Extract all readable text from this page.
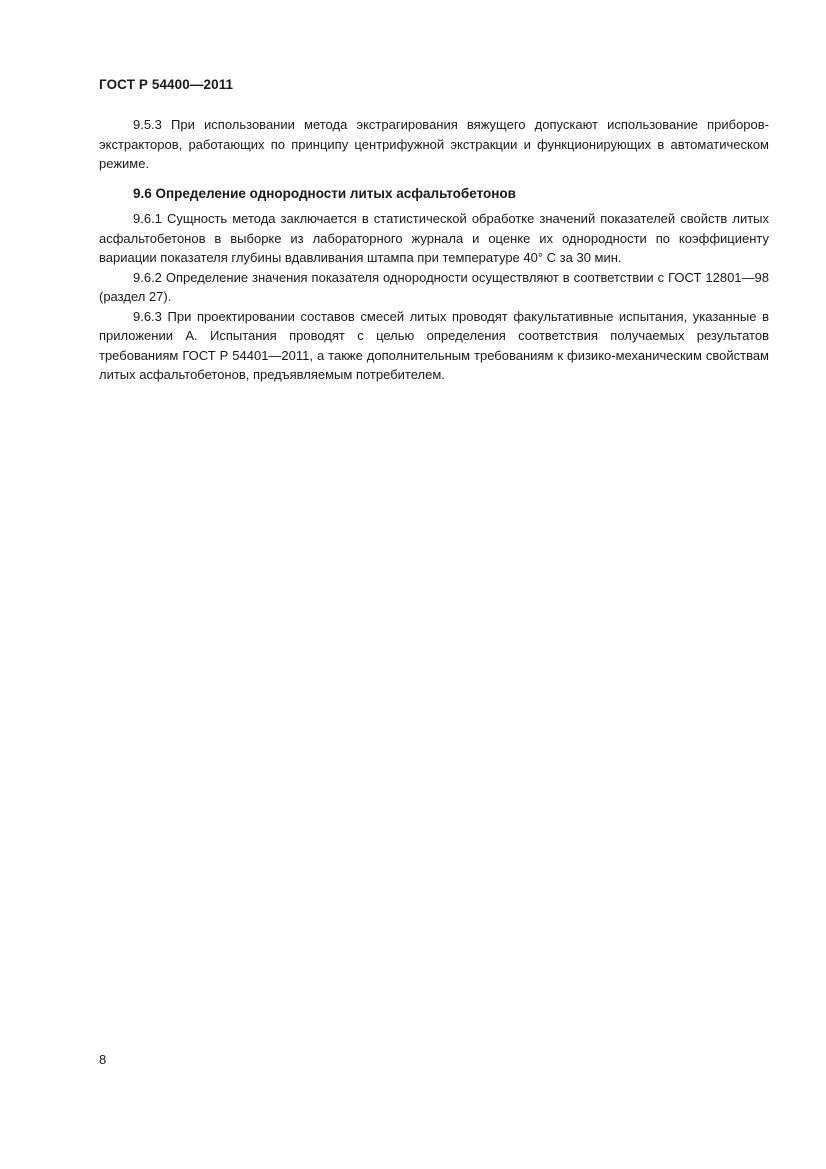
ГОСТ Р 54400—2011

9.5.3 При использовании метода экстрагирования вяжущего допускают использование приборов-экстракторов, работающих по принципу центрифужной экстракции и функционирующих в автоматическом режиме.

9.6 Определение однородности литых асфальтобетонов

9.6.1 Сущность метода заключается в статистической обработке значений показателей свойств литых асфальтобетонов в выборке из лабораторного журнала и оценке их однородности по коэффициенту вариации показателя глубины вдавливания штампа при температуре 40° С за 30 мин.

9.6.2 Определение значения показателя однородности осуществляют в соответствии с ГОСТ 12801—98 (раздел 27).

9.6.3 При проектировании составов смесей литых проводят факультативные испытания, указанные в приложении А. Испытания проводят с целью определения соответствия получаемых результатов требованиям ГОСТ Р 54401—2011, а также дополнительным требованиям к физико-механическим свойствам литых асфальтобетонов, предъявляемым потребителем.

8
